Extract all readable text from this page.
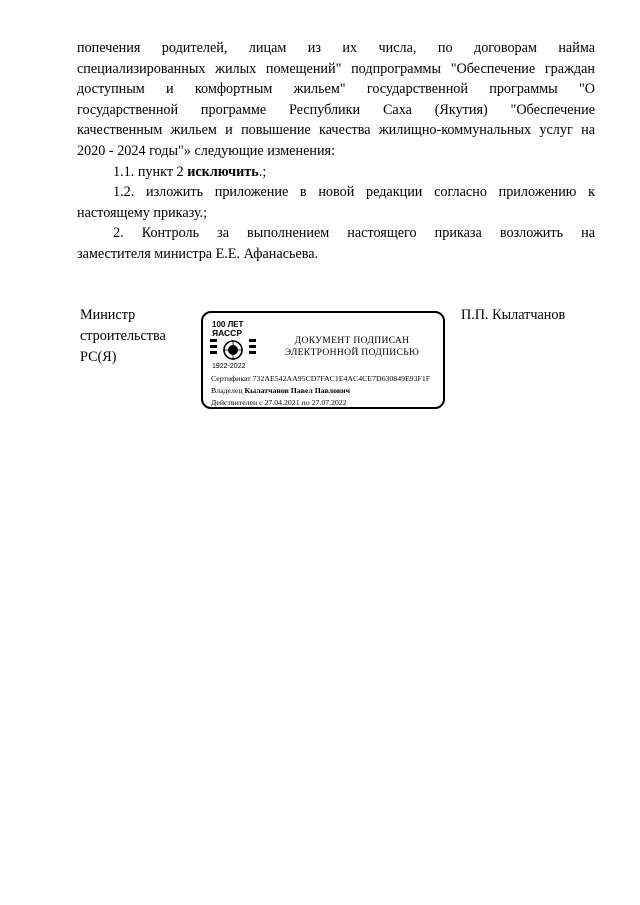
попечения родителей, лицам из их числа, по договорам найма
специализированных жилых помещений" подпрограммы "Обеспечение граждан
доступным и комфортным жильем" государственной программы "О
государственной программе Республики Саха (Якутия) "Обеспечение
качественным жильем и повышение качества жилищно-коммунальных услуг на
2020 - 2024 годы"» следующие изменения:
1.1. пункт 2 исключить.;
1.2. изложить приложение в новой редакции согласно приложению к
настоящему приказу.;
2. Контроль за выполнением настоящего приказа возложить на
заместителя министра Е.Е. Афанасьева.
Министр
строительства
РС(Я)
100 ЛЕТ
ЯАССР
1922-2022
ДОКУМЕНТ ПОДПИСАН
ЭЛЕКТРОННОЙ ПОДПИСЬЮ
Сертификат 732AE542AA95CD7FAC1E4AC4CE7D630849E93F1F
Владелец Кылатчанов Павел Павлович
Действителен с 27.04.2021 по 27.07.2022
П.П. Кылатчанов
